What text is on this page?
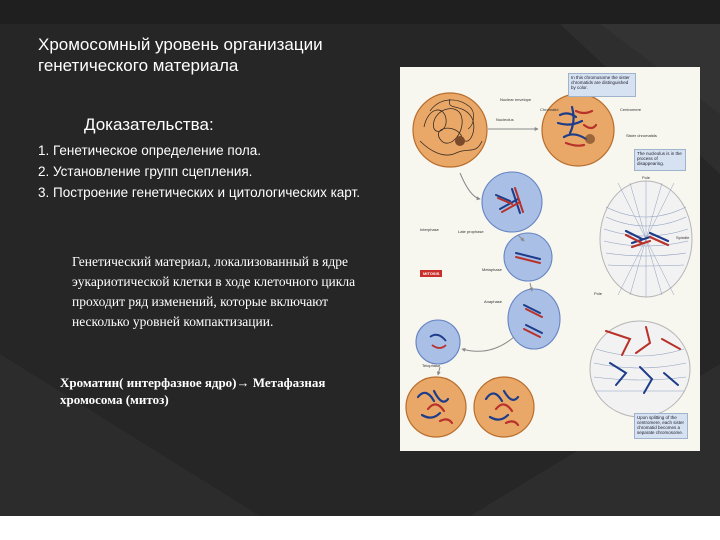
Хромосомный уровень организации
генетического материала
Доказательства:
1. Генетическое определение пола.
2. Установление групп сцепления.
3. Построение генетических и цитологических карт.

Генетический материал, локализованный в ядре эукариотической клетки в ходе клеточного цикла проходит ряд изменений, которые включают несколько уровней компактизации.

Хроматин( интерфазное ядро)→ Метафазная
хромосома (митоз)

In this chromosome the sister chromatids are distinguished by color.
The nucleolus is in the process of disappearing.
Upon splitting of the centromere, each sister chromatid becomes a separate chromosome.
MITOSIS
Nuclear envelope
Nucleolus
Chromatid	Centromere
Sister chromatids
Pole
Spindle
Pole
Interphase	Late prophase
Metaphase
Anaphase
Telophase
